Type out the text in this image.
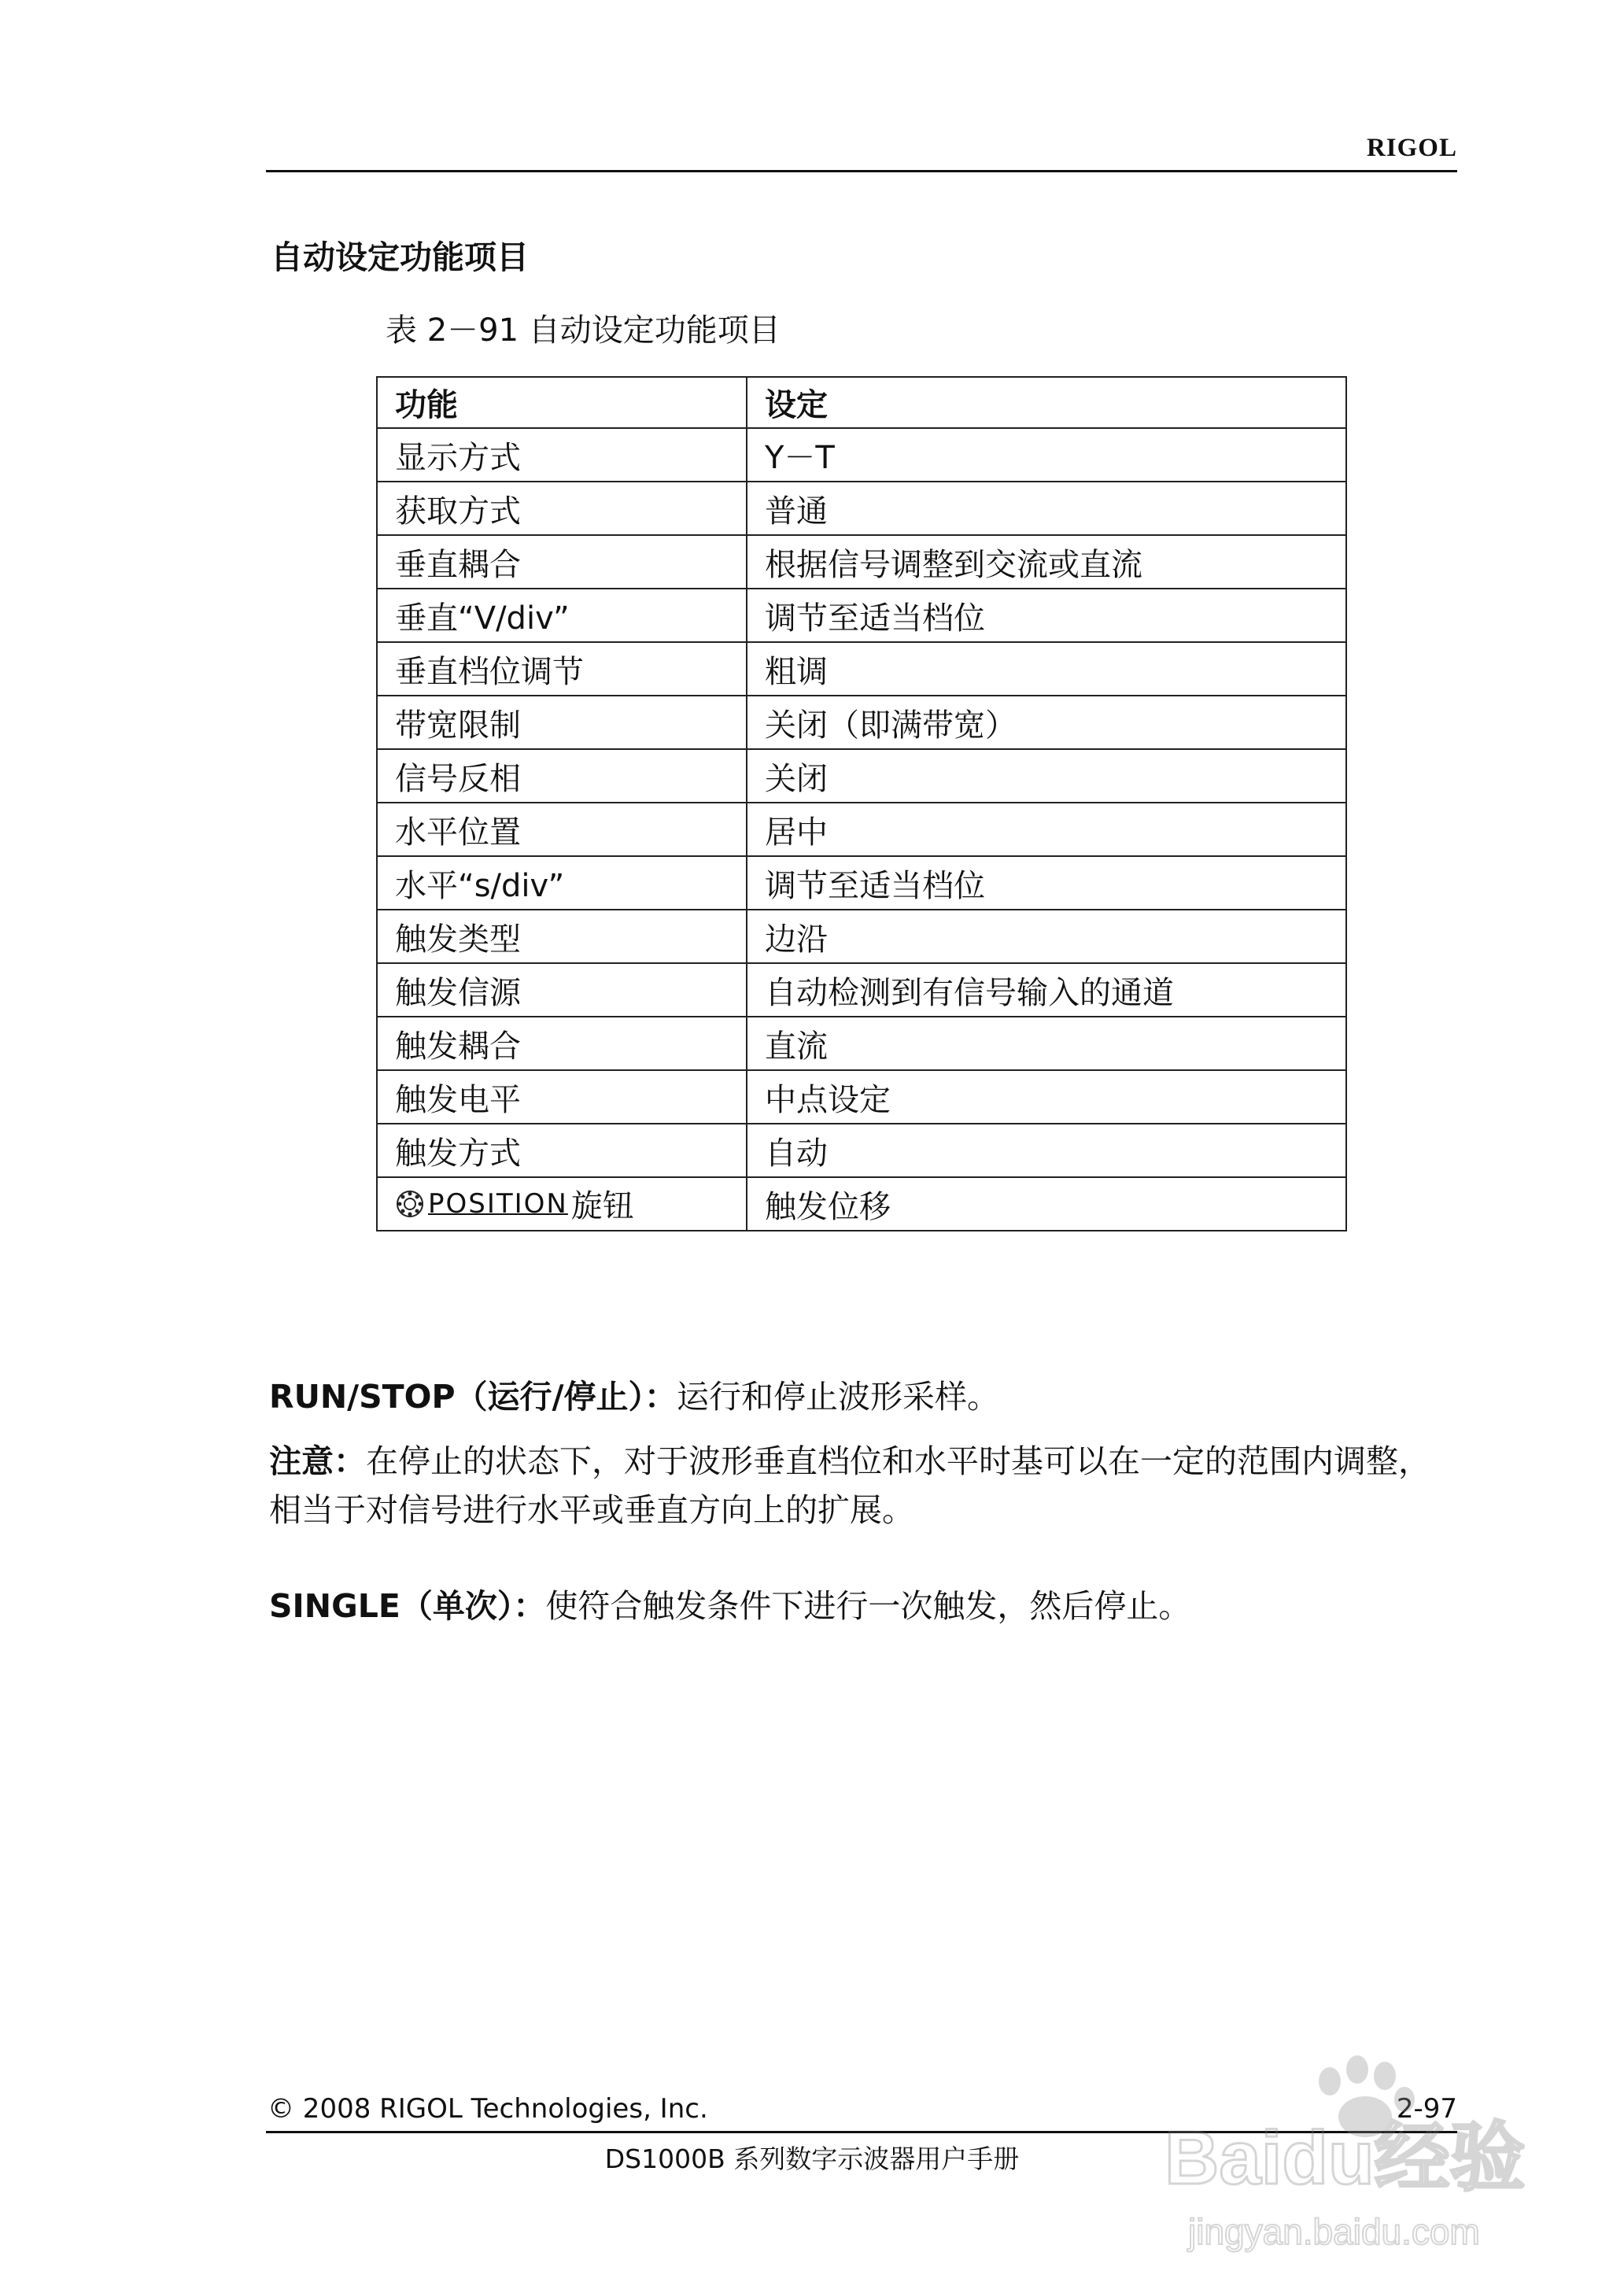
RIGOL
自动设定功能项目
表 2－91 自动设定功能项目
功能	设定
显示方式	Y－T
获取方式	普通
垂直耦合	根据信号调整到交流或直流
垂直“V/div”	调节至适当档位
垂直档位调节	粗调
带宽限制	关闭（即满带宽）
信号反相	关闭
水平位置	居中
水平“s/div”	调节至适当档位
触发类型	边沿
触发信源	自动检测到有信号输入的通道
触发耦合	直流
触发电平	中点设定
触发方式	自动

POSITION 旋钮	触发位移
RUN/STOP（运行/停止）：运行和停止波形采样。
注意：在停止的状态下，对于波形垂直档位和水平时基可以在一定的范围内调整，
相当于对信号进行水平或垂直方向上的扩展。
SINGLE（单次）：使符合触发条件下进行一次触发，然后停止。
© 2008 RIGOL Technologies, Inc.	2-97
DS1000B 系列数字示波器用户手册	Baidu经验
jingyan.baidu.com
